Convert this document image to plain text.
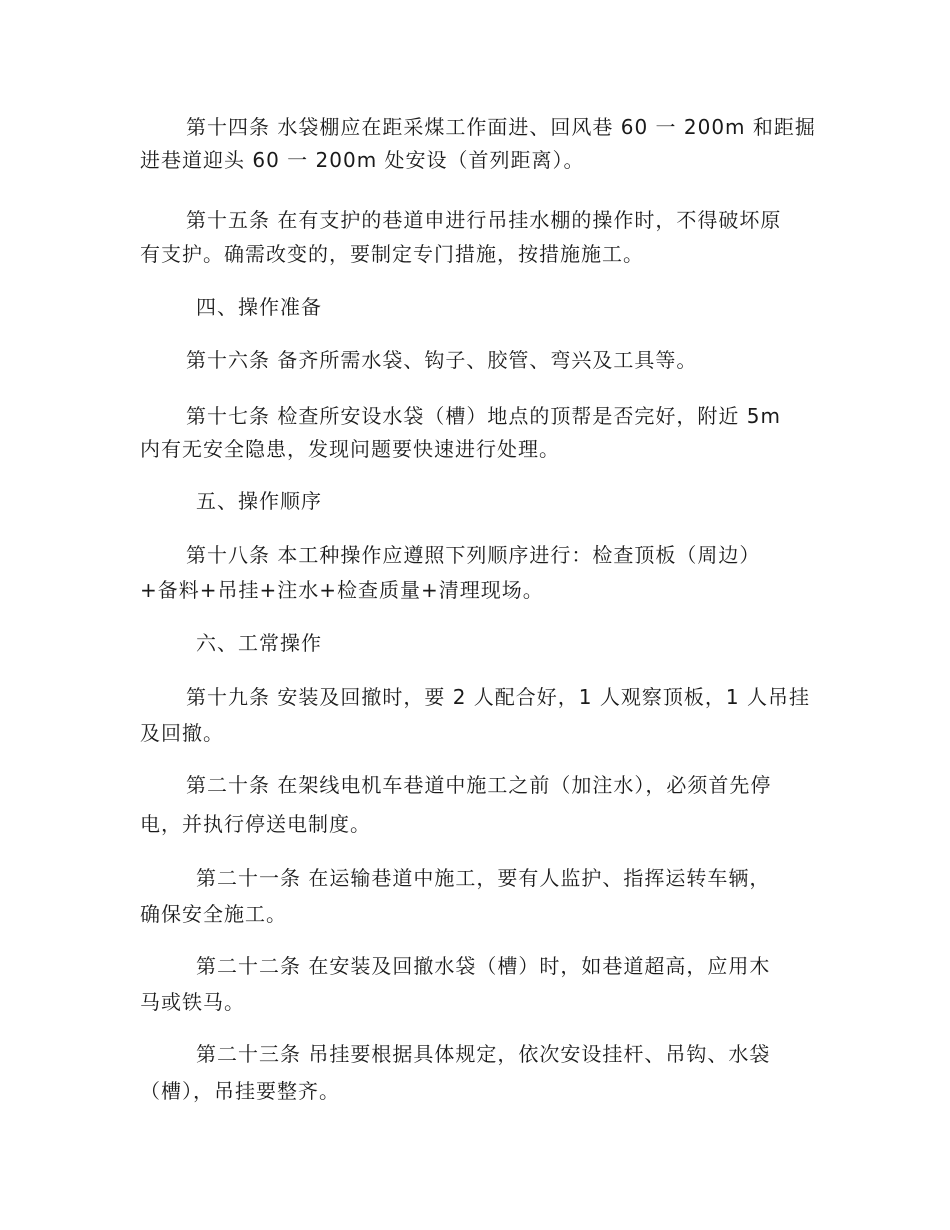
第十四条 水袋棚应在距采煤工作面进、回风巷 60 一 200m 和距掘
进巷道迎头 60 一 200m 处安设（首列距离）。
第十五条 在有支护的巷道申进行吊挂水棚的操作时，不得破坏原
有支护。确需改变的，要制定专门措施，按措施施工。
四、操作准备
第十六条 备齐所需水袋、钩子、胶管、弯兴及工具等。
第十七条 检查所安设水袋（槽）地点的顶帮是否完好，附近 5m
内有无安全隐患，发现问题要快速进行处理。
五、操作顺序
第十八条 本工种操作应遵照下列顺序进行：检查顶板（周边）
+备料+吊挂+注水+检查质量+清理现场。
六、工常操作
第十九条 安装及回撤时，要 2 人配合好，1 人观察顶板，1 人吊挂
及回撤。
第二十条 在架线电机车巷道中施工之前（加注水），必须首先停
电，并执行停送电制度。
第二十一条 在运输巷道中施工，要有人监护、指挥运转车辆，
确保安全施工。
第二十二条 在安装及回撤水袋（槽）时，如巷道超高，应用木
马或铁马。
第二十三条 吊挂要根据具体规定，依次安设挂杆、吊钩、水袋
（槽），吊挂要整齐。
